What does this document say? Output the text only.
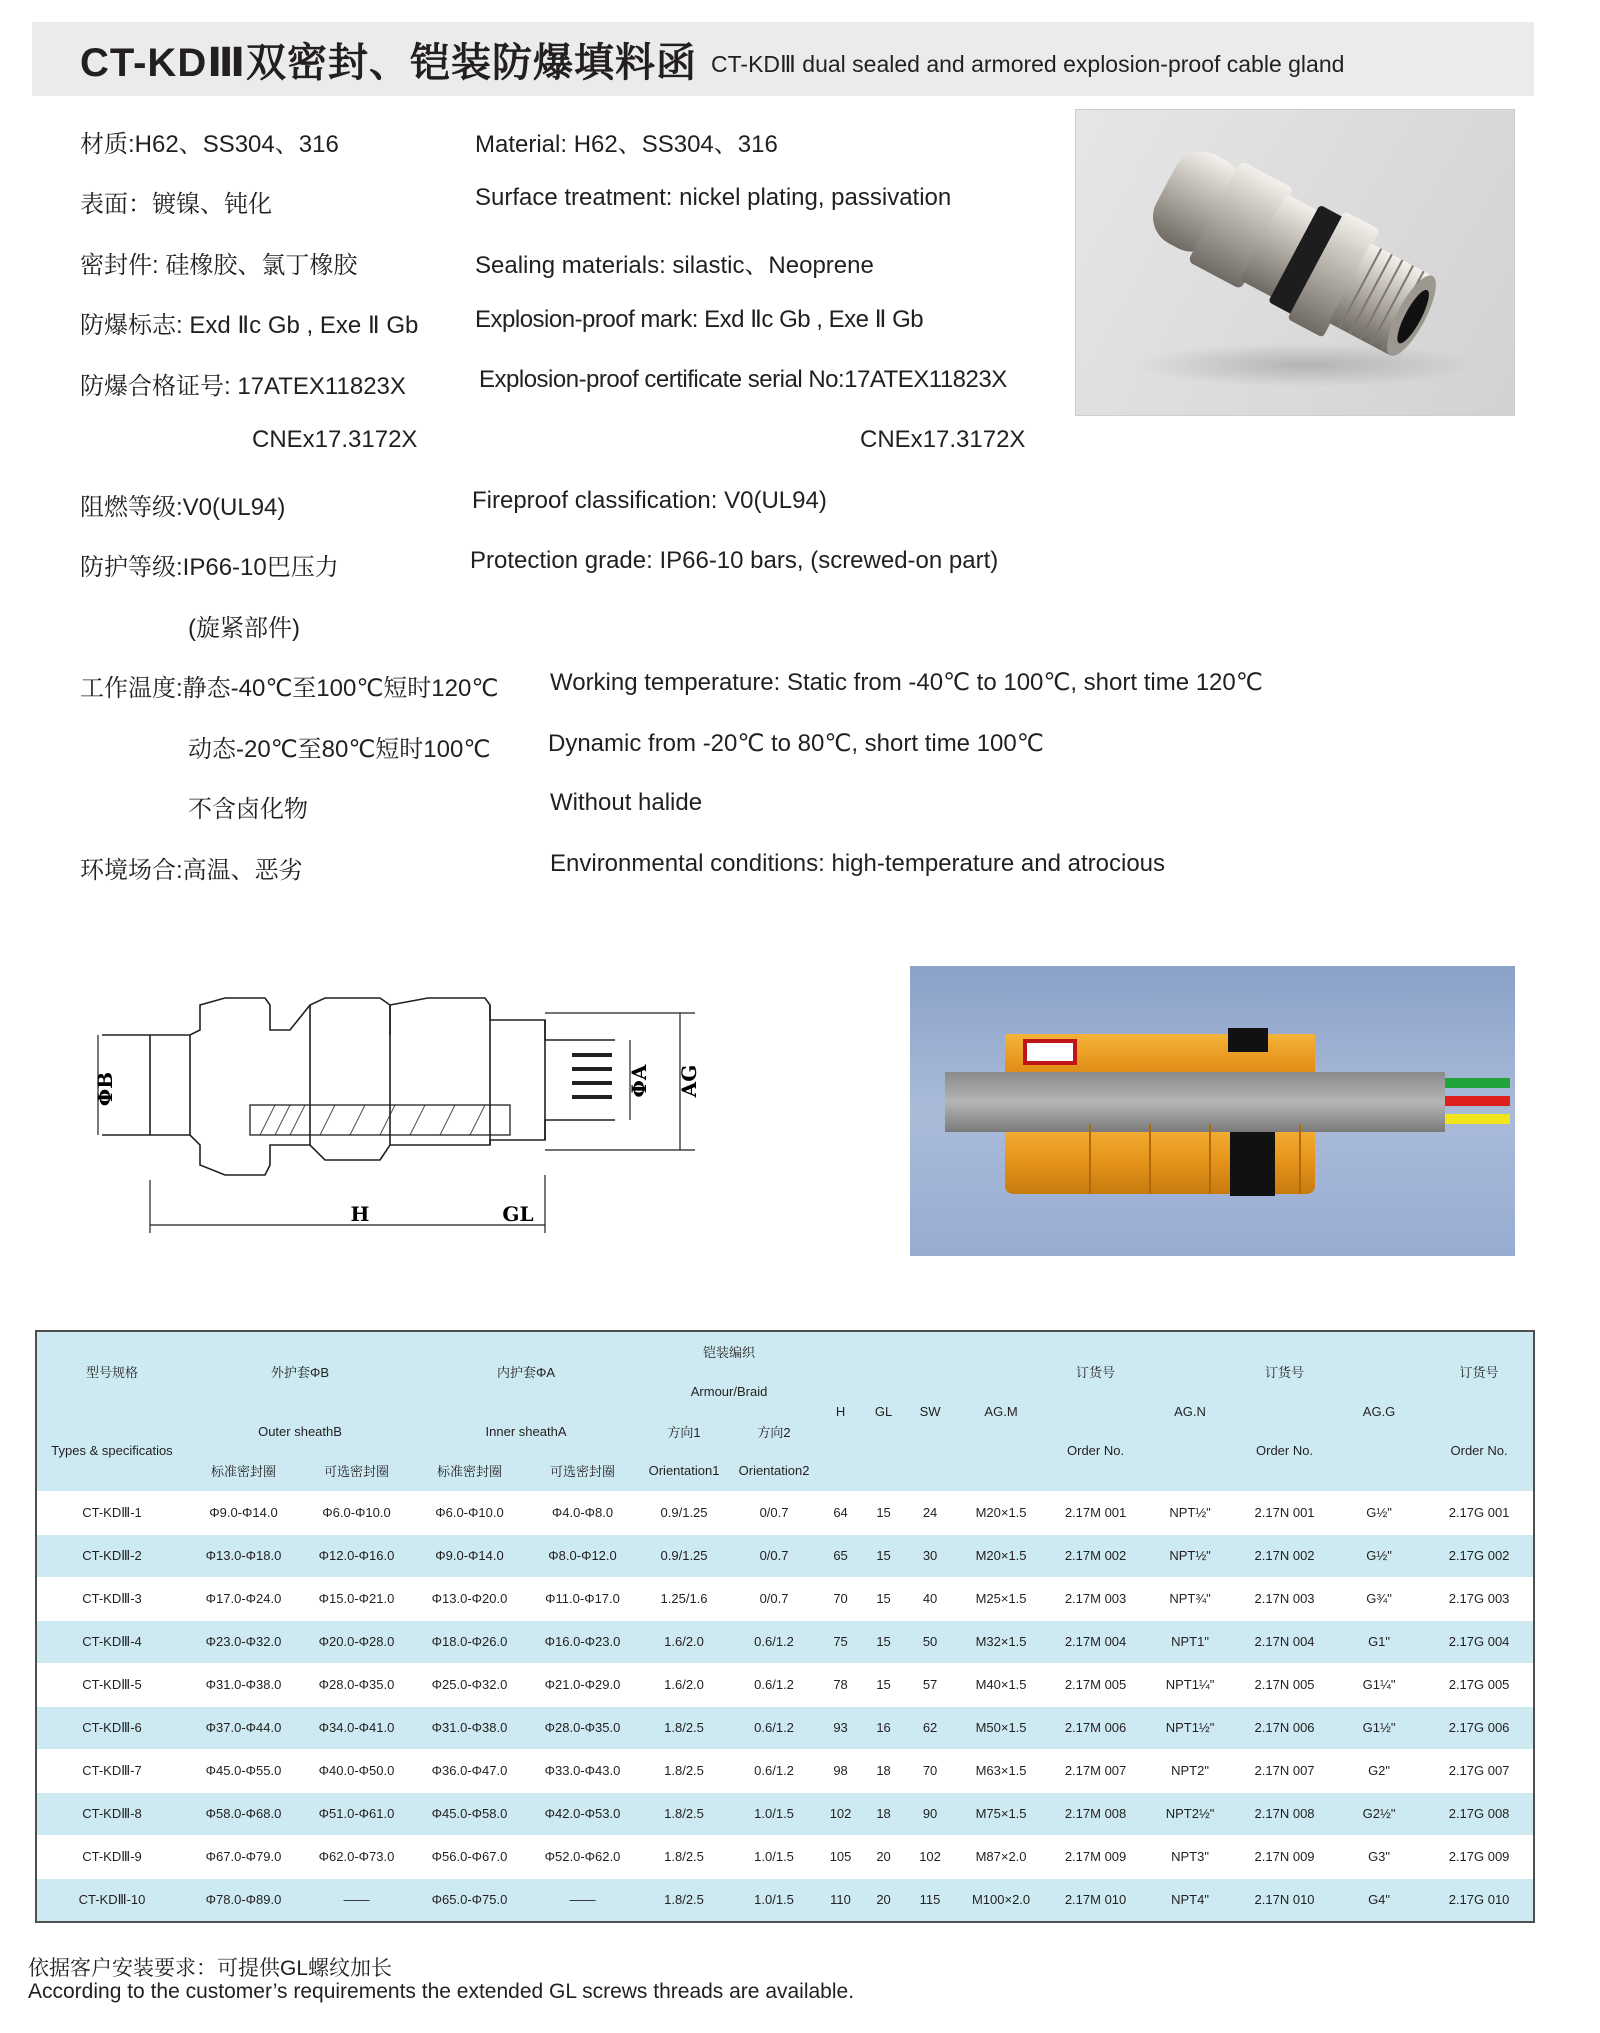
CT-KDⅢ双密封、铠装防爆填料函 CT-KDⅢ dual sealed and armored explosion-proof cable gland
材质:H62、SS304、316
表面：镀镍、钝化
密封件: 硅橡胶、氯丁橡胶
防爆标志: Exd Ⅱc Gb , Exe Ⅱ Gb
防爆合格证号: 17ATEX11823X
CNEx17.3172X
阻燃等级:V0(UL94)
防护等级:IP66-10巴压力
(旋紧部件)
工作温度:静态-40℃至100℃短时120℃
动态-20℃至80℃短时100℃
不含卤化物
环境场合:高温、恶劣
Material: H62、SS304、316
Surface treatment: nickel plating, passivation
Sealing materials: silastic、Neoprene
Explosion-proof mark: Exd Ⅱc Gb , Exe Ⅱ Gb
Explosion-proof certificate serial No:17ATEX11823X
CNEx17.3172X
Fireproof classification: V0(UL94)
Protection grade: IP66-10 bars, (screwed-on part)
Working temperature: Static from -40℃ to 100℃, short time 120℃
Dynamic from -20℃ to 80℃, short time 100℃
Without halide
Environmental conditions: high-temperature and atrocious
ΦB	ΦA AG
H	GL
型号规格	外护套ΦB		内护套ΦA		铠装编织		H	GL	SW	AG.M	订货号	AG.N	订货号	AG.G	订货号
					Armour/Braid										
Types & specificatios	Outer sheathB		Inner sheathA		方向1	方向2					Order No.		Order No.		Order No.
	标准密封圈	可选密封圈	标准密封圈	可选密封圈	Orientation1	Orientation2									
CT-KDⅢ-1	Φ9.0-Φ14.0	Φ6.0-Φ10.0	Φ6.0-Φ10.0	Φ4.0-Φ8.0	0.9/1.25	0/0.7	64	15	24	M20×1.5	2.17M 001	NPT½"	2.17N 001	G½"	2.17G 001
CT-KDⅢ-2	Φ13.0-Φ18.0	Φ12.0-Φ16.0	Φ9.0-Φ14.0	Φ8.0-Φ12.0	0.9/1.25	0/0.7	65	15	30	M20×1.5	2.17M 002	NPT½"	2.17N 002	G½"	2.17G 002
CT-KDⅢ-3	Φ17.0-Φ24.0	Φ15.0-Φ21.0	Φ13.0-Φ20.0	Φ11.0-Φ17.0	1.25/1.6	0/0.7	70	15	40	M25×1.5	2.17M 003	NPT¾"	2.17N 003	G¾"	2.17G 003
CT-KDⅢ-4	Φ23.0-Φ32.0	Φ20.0-Φ28.0	Φ18.0-Φ26.0	Φ16.0-Φ23.0	1.6/2.0	0.6/1.2	75	15	50	M32×1.5	2.17M 004	NPT1"	2.17N 004	G1"	2.17G 004
CT-KDⅢ-5	Φ31.0-Φ38.0	Φ28.0-Φ35.0	Φ25.0-Φ32.0	Φ21.0-Φ29.0	1.6/2.0	0.6/1.2	78	15	57	M40×1.5	2.17M 005	NPT1¼"	2.17N 005	G1¼"	2.17G 005
CT-KDⅢ-6	Φ37.0-Φ44.0	Φ34.0-Φ41.0	Φ31.0-Φ38.0	Φ28.0-Φ35.0	1.8/2.5	0.6/1.2	93	16	62	M50×1.5	2.17M 006	NPT1½"	2.17N 006	G1½"	2.17G 006
CT-KDⅢ-7	Φ45.0-Φ55.0	Φ40.0-Φ50.0	Φ36.0-Φ47.0	Φ33.0-Φ43.0	1.8/2.5	0.6/1.2	98	18	70	M63×1.5	2.17M 007	NPT2"	2.17N 007	G2"	2.17G 007
CT-KDⅢ-8	Φ58.0-Φ68.0	Φ51.0-Φ61.0	Φ45.0-Φ58.0	Φ42.0-Φ53.0	1.8/2.5	1.0/1.5	102	18	90	M75×1.5	2.17M 008	NPT2½"	2.17N 008	G2½"	2.17G 008
CT-KDⅢ-9	Φ67.0-Φ79.0	Φ62.0-Φ73.0	Φ56.0-Φ67.0	Φ52.0-Φ62.0	1.8/2.5	1.0/1.5	105	20	102	M87×2.0	2.17M 009	NPT3"	2.17N 009	G3"	2.17G 009
CT-KDⅢ-10	Φ78.0-Φ89.0	——	Φ65.0-Φ75.0	——	1.8/2.5	1.0/1.5	110	20	115	M100×2.0	2.17M 010	NPT4"	2.17N 010	G4"	2.17G 010
依据客户安装要求：可提供GL螺纹加长
According to the customer’s requirements the extended GL screws threads are available.
